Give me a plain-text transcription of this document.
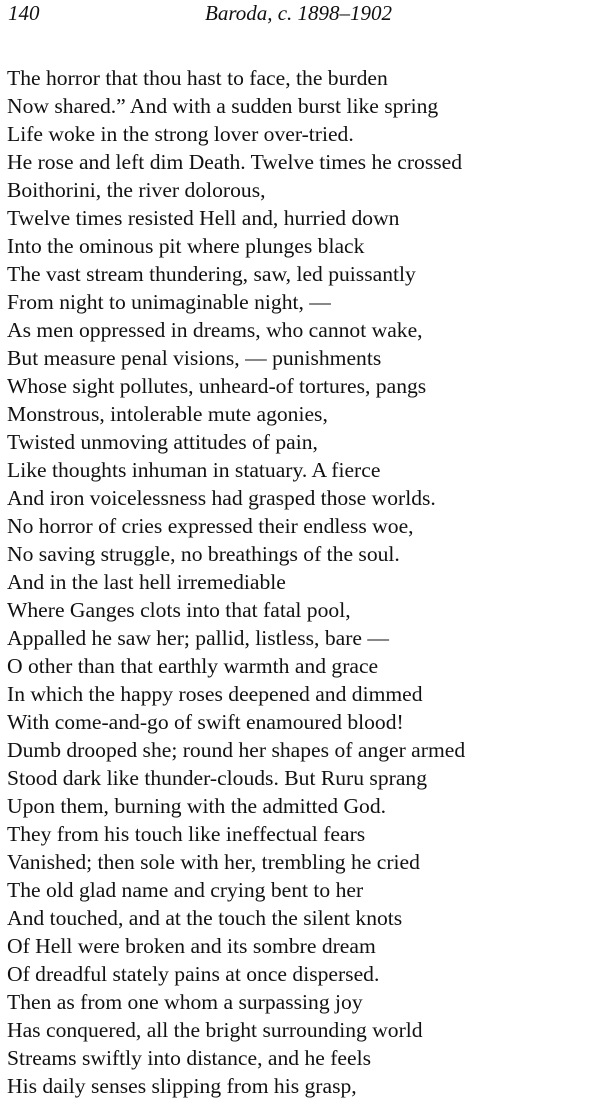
140	Baroda, c. 1898–1902
The horror that thou hast to face, the burden
Now shared.” And with a sudden burst like spring
Life woke in the strong lover over-tried.
He rose and left dim Death. Twelve times he crossed
Boithorini, the river dolorous,
Twelve times resisted Hell and, hurried down
Into the ominous pit where plunges black
The vast stream thundering, saw, led puissantly
From night to unimaginable night, —
As men oppressed in dreams, who cannot wake,
But measure penal visions, — punishments
Whose sight pollutes, unheard-of tortures, pangs
Monstrous, intolerable mute agonies,
Twisted unmoving attitudes of pain,
Like thoughts inhuman in statuary. A fierce
And iron voicelessness had grasped those worlds.
No horror of cries expressed their endless woe,
No saving struggle, no breathings of the soul.
And in the last hell irremediable
Where Ganges clots into that fatal pool,
Appalled he saw her; pallid, listless, bare —
O other than that earthly warmth and grace
In which the happy roses deepened and dimmed
With come-and-go of swift enamoured blood!
Dumb drooped she; round her shapes of anger armed
Stood dark like thunder-clouds. But Ruru sprang
Upon them, burning with the admitted God.
They from his touch like ineffectual fears
Vanished; then sole with her, trembling he cried
The old glad name and crying bent to her
And touched, and at the touch the silent knots
Of Hell were broken and its sombre dream
Of dreadful stately pains at once dispersed.
Then as from one whom a surpassing joy
Has conquered, all the bright surrounding world
Streams swiftly into distance, and he feels
His daily senses slipping from his grasp,
